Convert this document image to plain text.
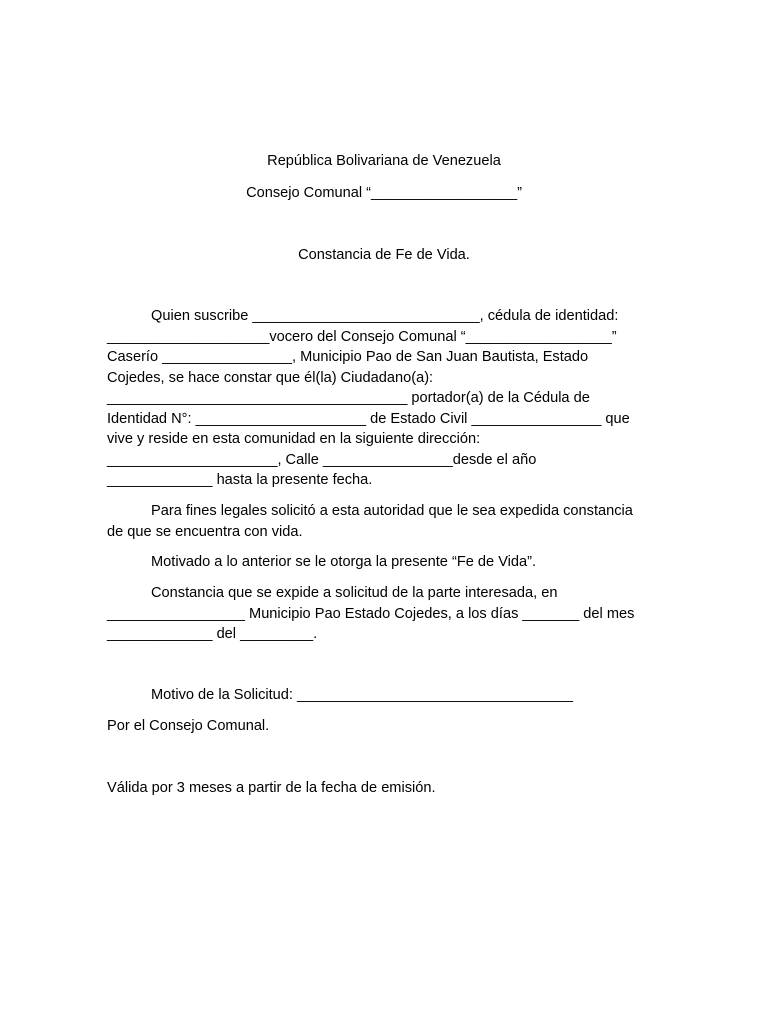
República Bolivariana de Venezuela
Consejo Comunal “__________________”
Constancia de Fe de Vida.
Quien suscribe ____________________________, cédula de identidad:
____________________vocero del Consejo Comunal “__________________”
Caserío ________________, Municipio Pao de San Juan Bautista, Estado
Cojedes, se hace constar que él(la) Ciudadano(a):
_____________________________________ portador(a) de la Cédula de
Identidad N°: _____________________ de Estado Civil ________________ que
vive y reside en esta comunidad en la siguiente dirección:
_____________________, Calle ________________desde el año
_____________ hasta la presente fecha.
Para fines legales solicitó a esta autoridad que le sea expedida constancia
de que se encuentra con vida.
Motivado a lo anterior se le otorga la presente “Fe de Vida”.
Constancia que se expide a solicitud de la parte interesada, en
_________________ Municipio Pao Estado Cojedes, a los días _______ del mes
_____________ del _________.
Motivo de la Solicitud: __________________________________
Por el Consejo Comunal.
Válida por 3 meses a partir de la fecha de emisión.
